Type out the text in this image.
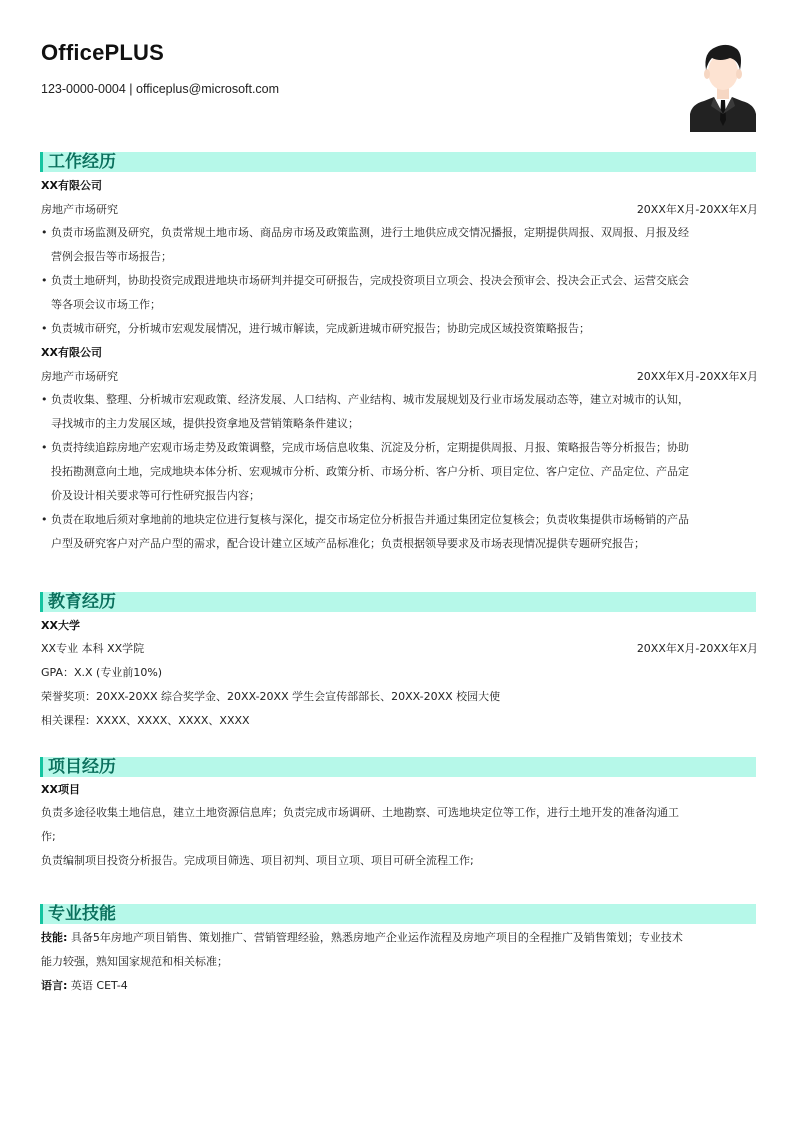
OfficePLUS
123-0000-0004 | officeplus@microsoft.com
工作经历
XX有限公司
房地产市场研究	20XX年X月-20XX年X月
• 负责市场监测及研究，负责常规土地市场、商品房市场及政策监测，进行土地供应成交情况播报，定期提供周报、双周报、月报及经
营例会报告等市场报告；
• 负责土地研判，协助投资完成跟进地块市场研判并提交可研报告，完成投资项目立项会、投决会预审会、投决会正式会、运营交底会
等各项会议市场工作；
• 负责城市研究，分析城市宏观发展情况，进行城市解读，完成新进城市研究报告；协助完成区域投资策略报告；
XX有限公司
房地产市场研究	20XX年X月-20XX年X月
• 负责收集、整理、分析城市宏观政策、经济发展、人口结构、产业结构、城市发展规划及行业市场发展动态等，建立对城市的认知，
寻找城市的主力发展区域，提供投资拿地及营销策略条件建议；
• 负责持续追踪房地产宏观市场走势及政策调整，完成市场信息收集、沉淀及分析，定期提供周报、月报、策略报告等分析报告；协助
投拓勘测意向土地，完成地块本体分析、宏观城市分析、政策分析、市场分析、客户分析、项目定位、客户定位、产品定位、产品定
价及设计相关要求等可行性研究报告内容；
• 负责在取地后须对拿地前的地块定位进行复核与深化，提交市场定位分析报告并通过集团定位复核会；负责收集提供市场畅销的产品
户型及研究客户对产品户型的需求，配合设计建立区域产品标准化；负责根据领导要求及市场表现情况提供专题研究报告；
教育经历
XX大学
XX专业 本科 XX学院	20XX年X月-20XX年X月
GPA：X.X (专业前10%)
荣誉奖项：20XX-20XX 综合奖学金、20XX-20XX 学生会宣传部部长、20XX-20XX 校园大使
相关课程：XXXX、XXXX、XXXX、XXXX
项目经历
XX项目
负责多途径收集土地信息，建立土地资源信息库；负责完成市场调研、土地勘察、可选地块定位等工作，进行土地开发的准备沟通工
作;
负责编制项目投资分析报告。完成项目筛选、项目初判、项目立项、项目可研全流程工作;
专业技能
技能: 具备5年房地产项目销售、策划推广、营销管理经验，熟悉房地产企业运作流程及房地产项目的全程推广及销售策划；专业技术
能力较强，熟知国家规范和相关标准；
语言: 英语 CET-4
